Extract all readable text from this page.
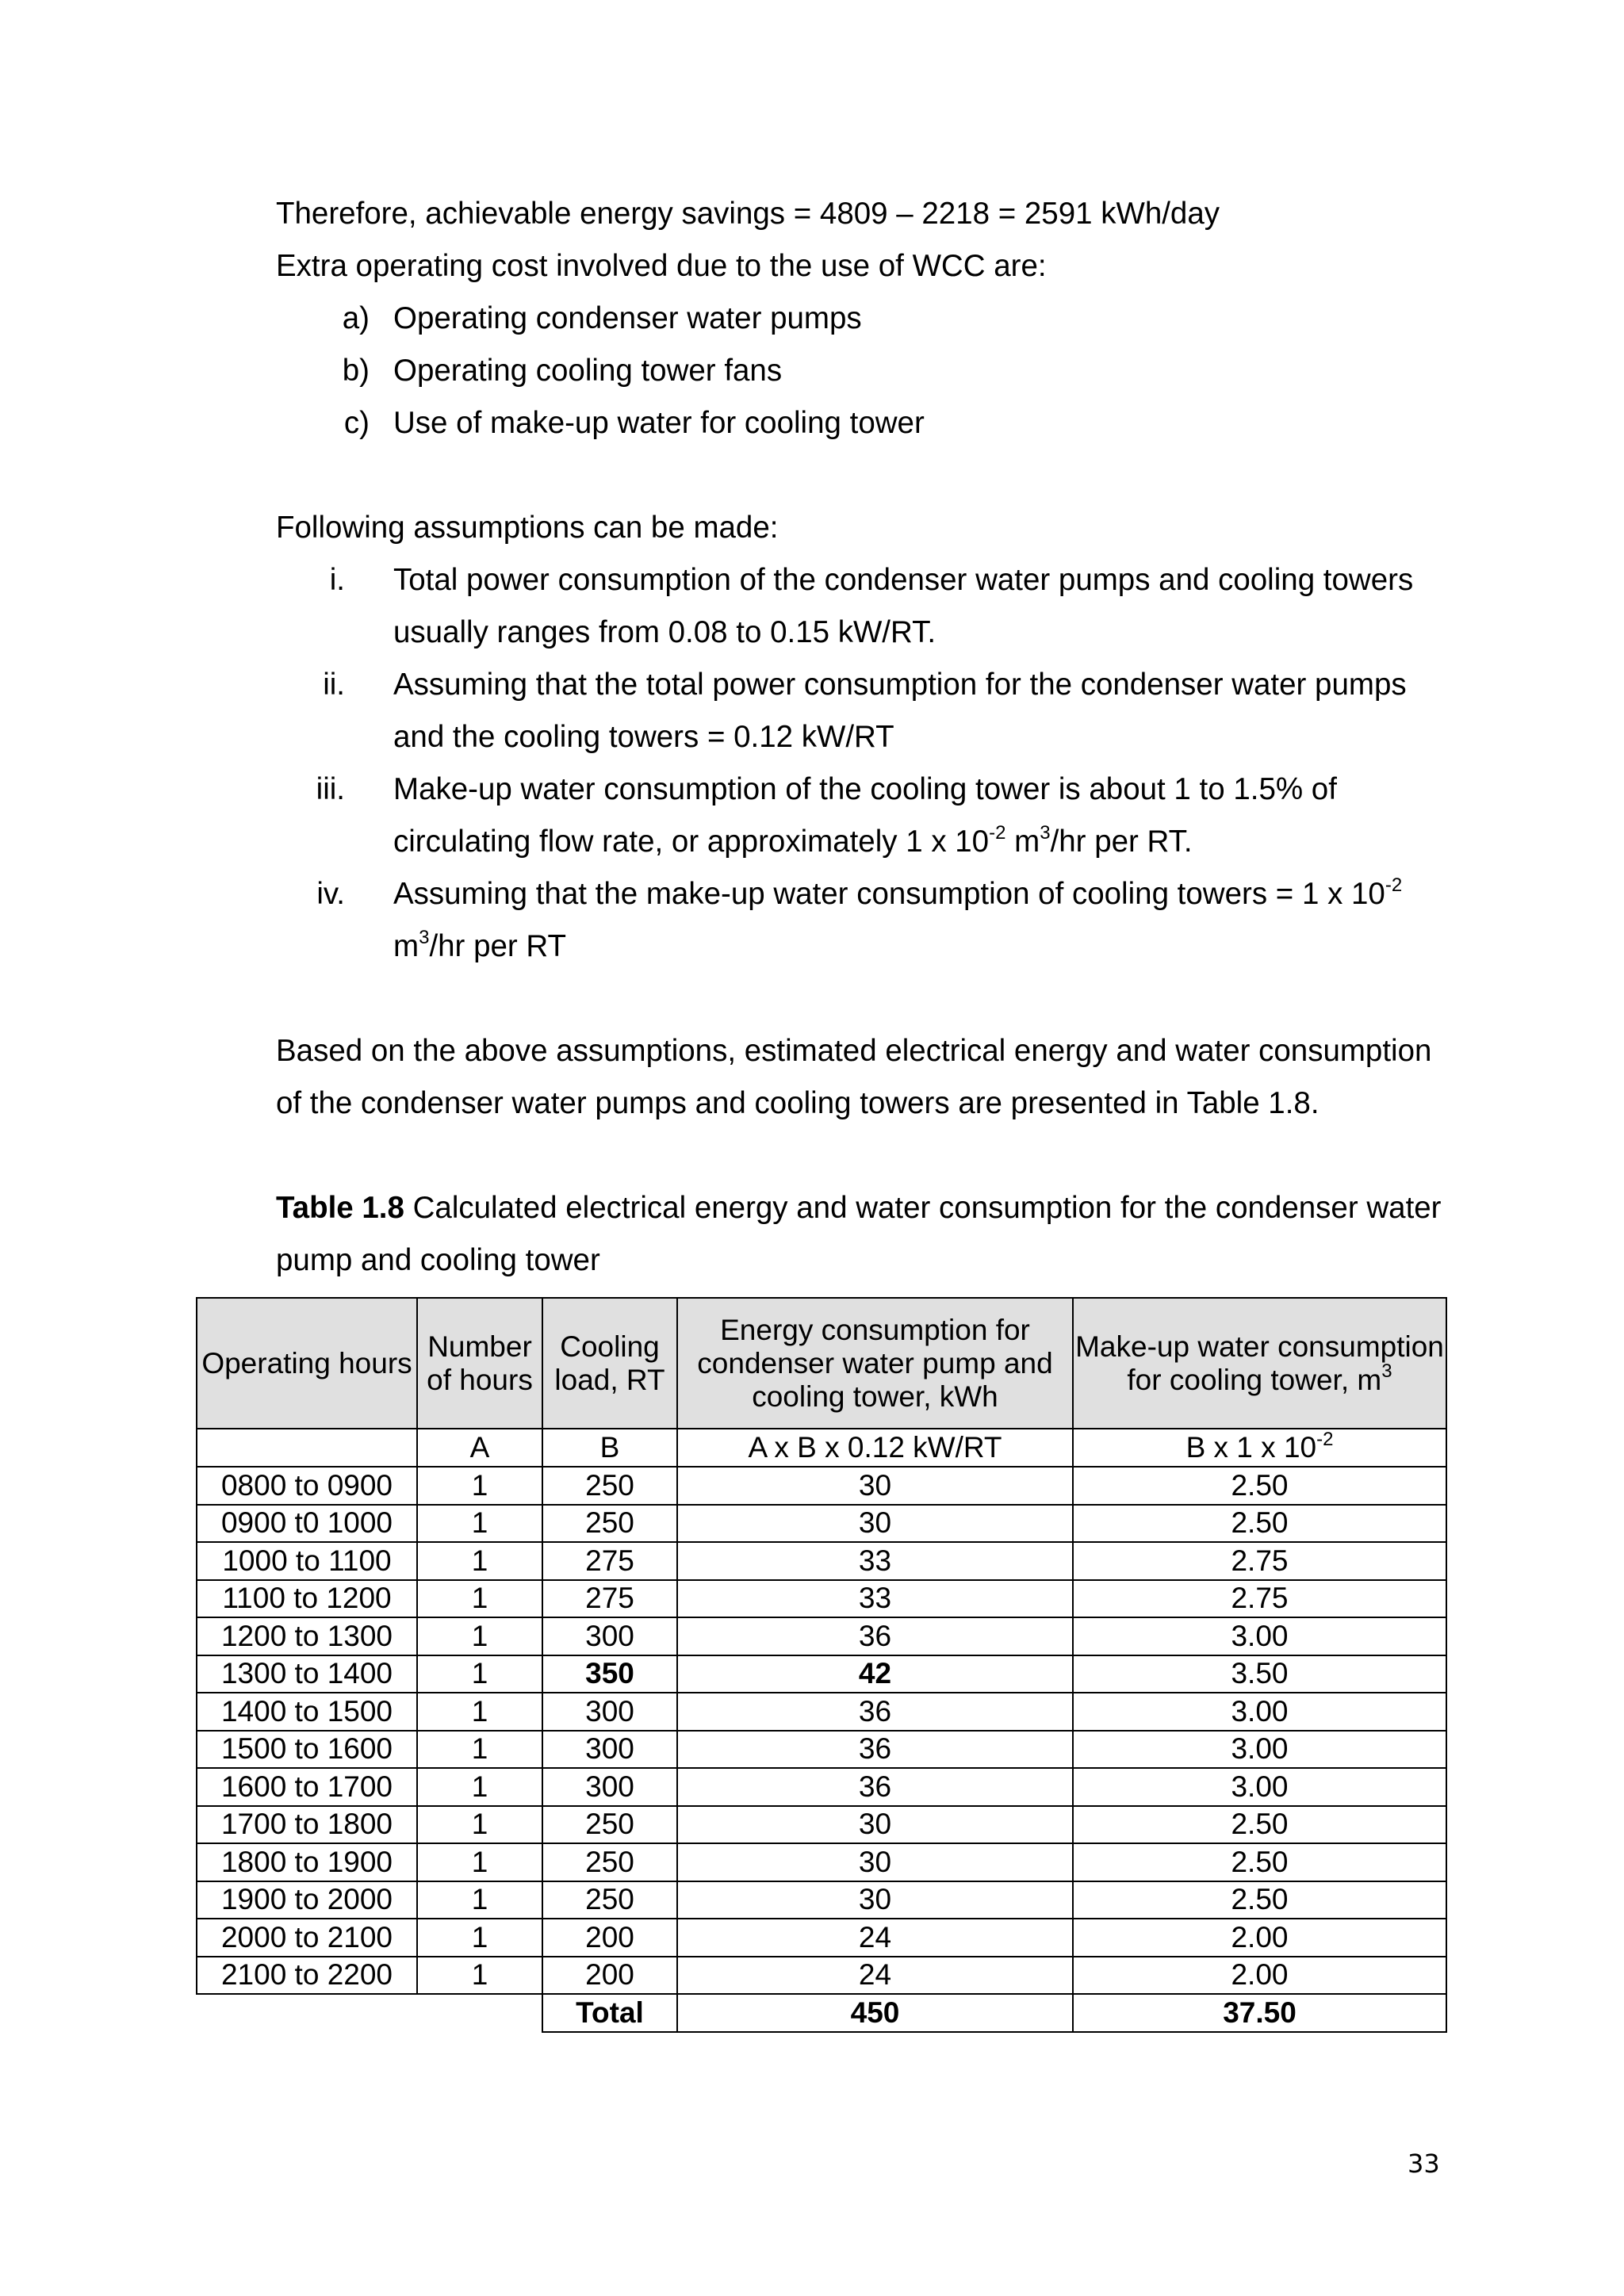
Therefore, achievable energy savings = 4809 – 2218 = 2591 kWh/day
Extra operating cost involved due to the use of WCC are:
a) Operating condenser water pumps
b) Operating cooling tower fans
c) Use of make-up water for cooling tower
Following assumptions can be made:
i. Total power consumption of the condenser water pumps and cooling towers
usually ranges from 0.08 to 0.15 kW/RT.
ii. Assuming that the total power consumption for the condenser water pumps
and the cooling towers = 0.12 kW/RT
iii. Make-up water consumption of the cooling tower is about 1 to 1.5% of
circulating flow rate, or approximately 1 x $10^{-2}$ $m^3/hr$ per RT.
iv. Assuming that the make-up water consumption of cooling towers = 1 x $10^{-2}$
$m^3/hr$ per RT
Based on the above assumptions, estimated electrical energy and water consumption
of the condenser water pumps and cooling towers are presented in Table 1.8.
Table 1.8 Calculated electrical energy and water consumption for the condenser water
pump and cooling tower
Operating hours	Number of hours	Cooling load, RT	Energy consumption for condenser water pump and cooling tower, kWh	Make-up water consumption for cooling tower, $m^3$
	A	B	A x B x 0.12 kW/RT	B x 1 x $10^{-2}$
0800 to 0900	1	250	30	2.50
0900 t0 1000	1	250	30	2.50
1000 to 1100	1	275	33	2.75
1100 to 1200	1	275	33	2.75
1200 to 1300	1	300	36	3.00
1300 to 1400	1	350	42	3.50
1400 to 1500	1	300	36	3.00
1500 to 1600	1	300	36	3.00
1600 to 1700	1	300	36	3.00
1700 to 1800	1	250	30	2.50
1800 to 1900	1	250	30	2.50
1900 to 2000	1	250	30	2.50
2000 to 2100	1	200	24	2.00
2100 to 2200	1	200	24	2.00
		Total	450	37.50
33
